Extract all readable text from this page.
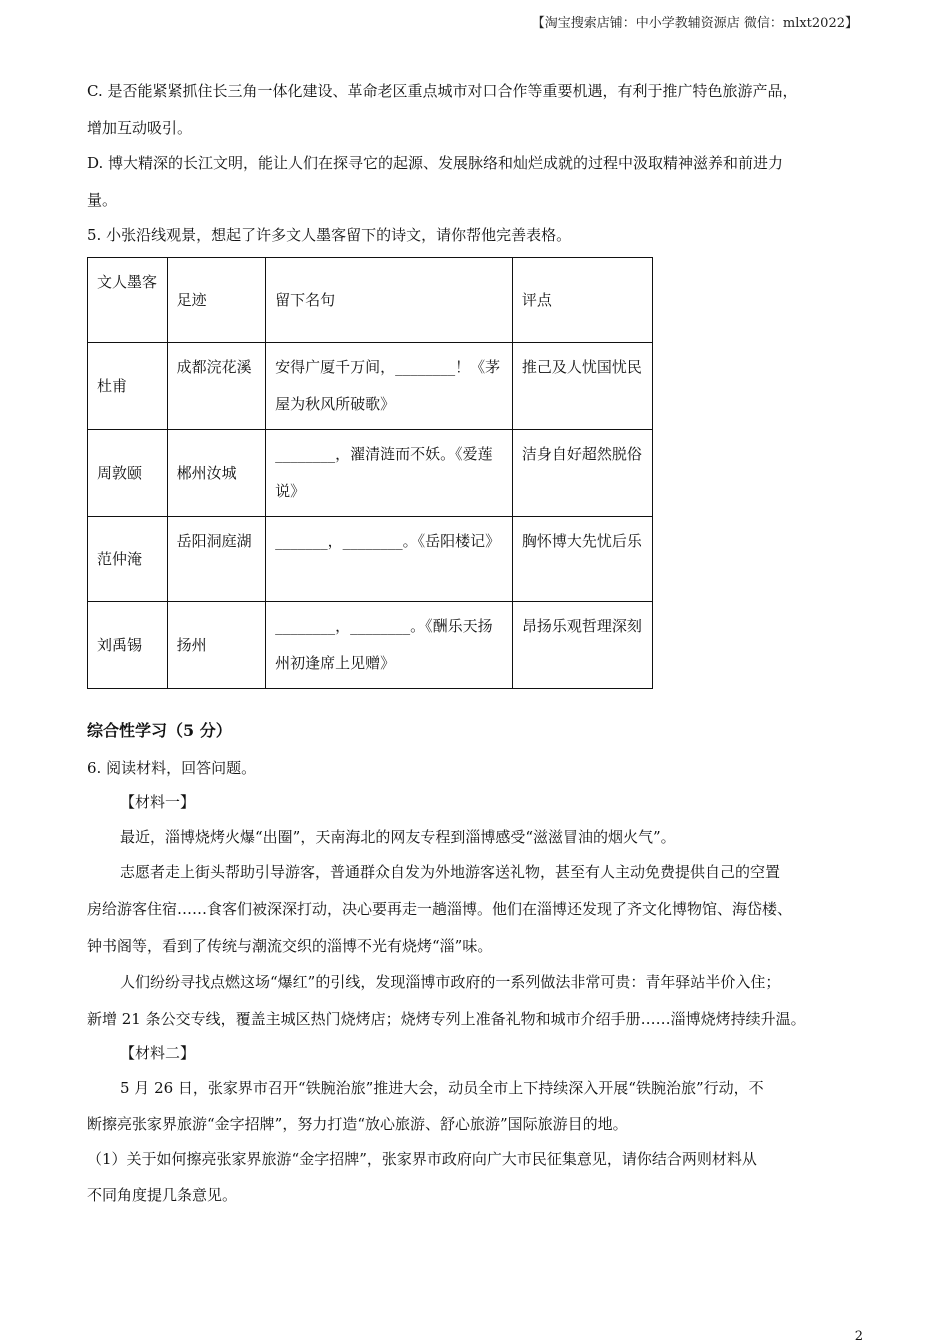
【淘宝搜索店铺：中小学教辅资源店 微信：mlxt2022】
C. 是否能紧紧抓住长三角一体化建设、革命老区重点城市对口合作等重要机遇，有利于推广特色旅游产品，
增加互动吸引。
D. 博大精深的长江文明，能让人们在探寻它的起源、发展脉络和灿烂成就的过程中汲取精神滋养和前进力
量。
5. 小张沿线观景，想起了许多文人墨客留下的诗文，请你帮他完善表格。
文人墨客	足迹	留下名句	评点
杜甫	成都浣花溪	安得广厦千万间，________！《茅屋为秋风所破歌》	推己及人忧国忧民
周敦颐	郴州汝城	________，濯清涟而不妖。《爱莲说》	洁身自好超然脱俗
范仲淹	岳阳洞庭湖	_______，________。《岳阳楼记》	胸怀博大先忧后乐
刘禹锡	扬州	________，________。《酬乐天扬州初逢席上见赠》	昂扬乐观哲理深刻
综合性学习（5 分）
6. 阅读材料，回答问题。
【材料一】
最近，淄博烧烤火爆“出圈”，天南海北的网友专程到淄博感受“滋滋冒油的烟火气”。
志愿者走上街头帮助引导游客，普通群众自发为外地游客送礼物，甚至有人主动免费提供自己的空置
房给游客住宿……食客们被深深打动，决心要再走一趟淄博。他们在淄博还发现了齐文化博物馆、海岱楼、
钟书阁等，看到了传统与潮流交织的淄博不光有烧烤“淄”味。
人们纷纷寻找点燃这场“爆红”的引线，发现淄博市政府的一系列做法非常可贵：青年驿站半价入住；
新增 21 条公交专线，覆盖主城区热门烧烤店；烧烤专列上准备礼物和城市介绍手册……淄博烧烤持续升温。
【材料二】
5 月 26 日，张家界市召开“铁腕治旅”推进大会，动员全市上下持续深入开展“铁腕治旅”行动，不
断擦亮张家界旅游“金字招牌”，努力打造“放心旅游、舒心旅游”国际旅游目的地。
（1）关于如何擦亮张家界旅游“金字招牌”，张家界市政府向广大市民征集意见，请你结合两则材料从
不同角度提几条意见。
2
